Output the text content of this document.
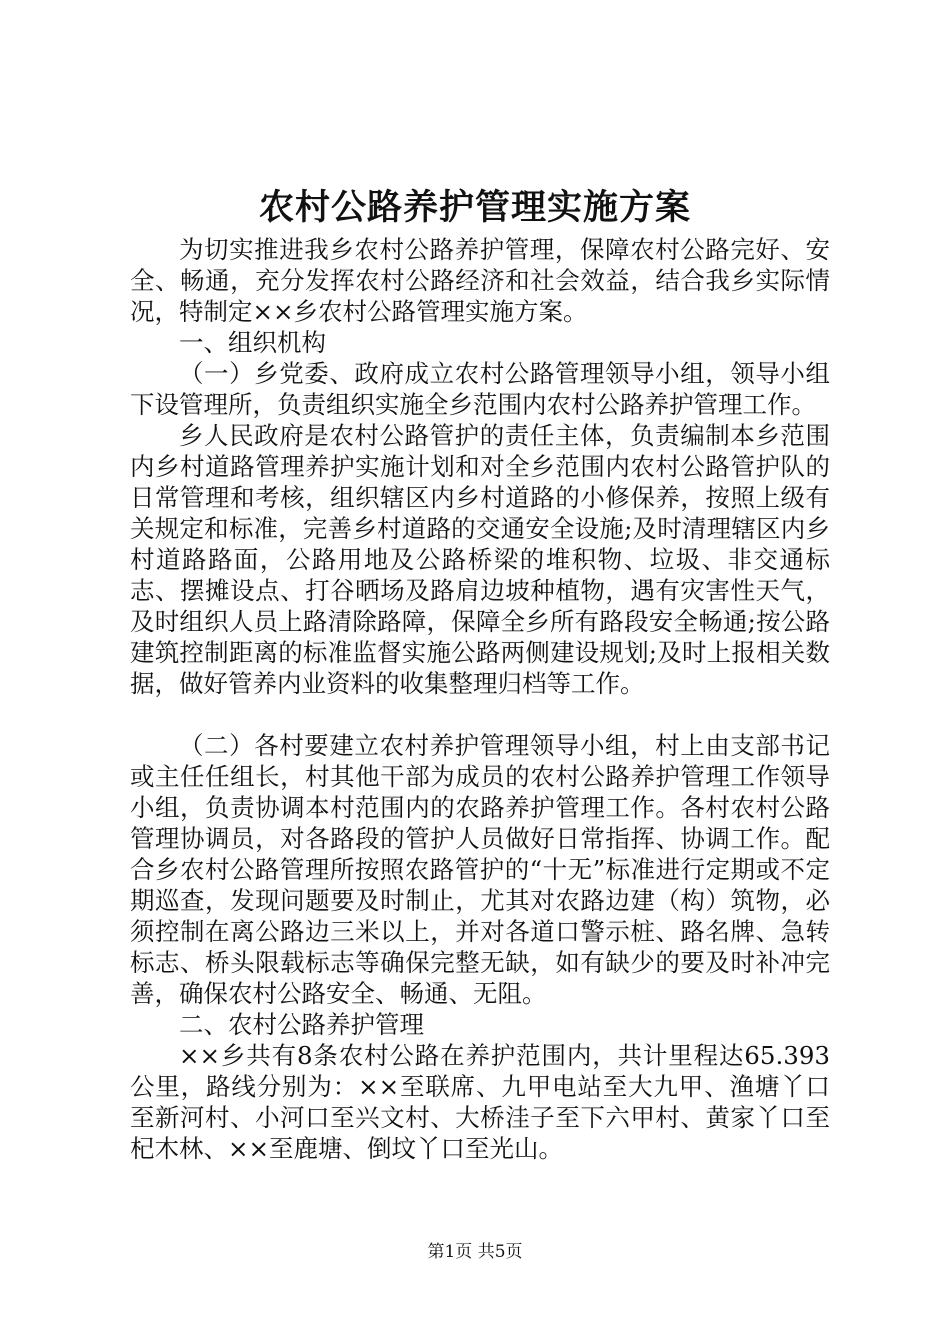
农村公路养护管理实施方案

为切实推进我乡农村公路养护管理，保障农村公路完好、安全、畅通，充分发挥农村公路经济和社会效益，结合我乡实际情况，特制定××乡农村公路管理实施方案。

一、组织机构

（一）乡党委、政府成立农村公路管理领导小组，领导小组下设管理所，负责组织实施全乡范围内农村公路养护管理工作。

乡人民政府是农村公路管护的责任主体，负责编制本乡范围内乡村道路管理养护实施计划和对全乡范围内农村公路管护队的日常管理和考核，组织辖区内乡村道路的小修保养，按照上级有关规定和标准，完善乡村道路的交通安全设施;及时清理辖区内乡村道路路面，公路用地及公路桥梁的堆积物、垃圾、非交通标志、摆摊设点、打谷晒场及路肩边坡种植物，遇有灾害性天气，及时组织人员上路清除路障，保障全乡所有路段安全畅通;按公路建筑控制距离的标准监督实施公路两侧建设规划;及时上报相关数据，做好管养内业资料的收集整理归档等工作。

（二）各村要建立农村养护管理领导小组，村上由支部书记或主任任组长，村其他干部为成员的农村公路养护管理工作领导小组，负责协调本村范围内的农路养护管理工作。各村农村公路管理协调员，对各路段的管护人员做好日常指挥、协调工作。配合乡农村公路管理所按照农路管护的“十无”标准进行定期或不定期巡查，发现问题要及时制止，尤其对农路边建（构）筑物，必须控制在离公路边三米以上，并对各道口警示桩、路名牌、急转标志、桥头限载标志等确保完整无缺，如有缺少的要及时补冲完善，确保农村公路安全、畅通、无阻。

二、农村公路养护管理

××乡共有8条农村公路在养护范围内，共计里程达65.393公里，路线分别为：××至联席、九甲电站至大九甲、渔塘丫口至新河村、小河口至兴文村、大桥洼子至下六甲村、黄家丫口至杞木林、××至鹿塘、倒坟丫口至光山。

第1页 共5页
